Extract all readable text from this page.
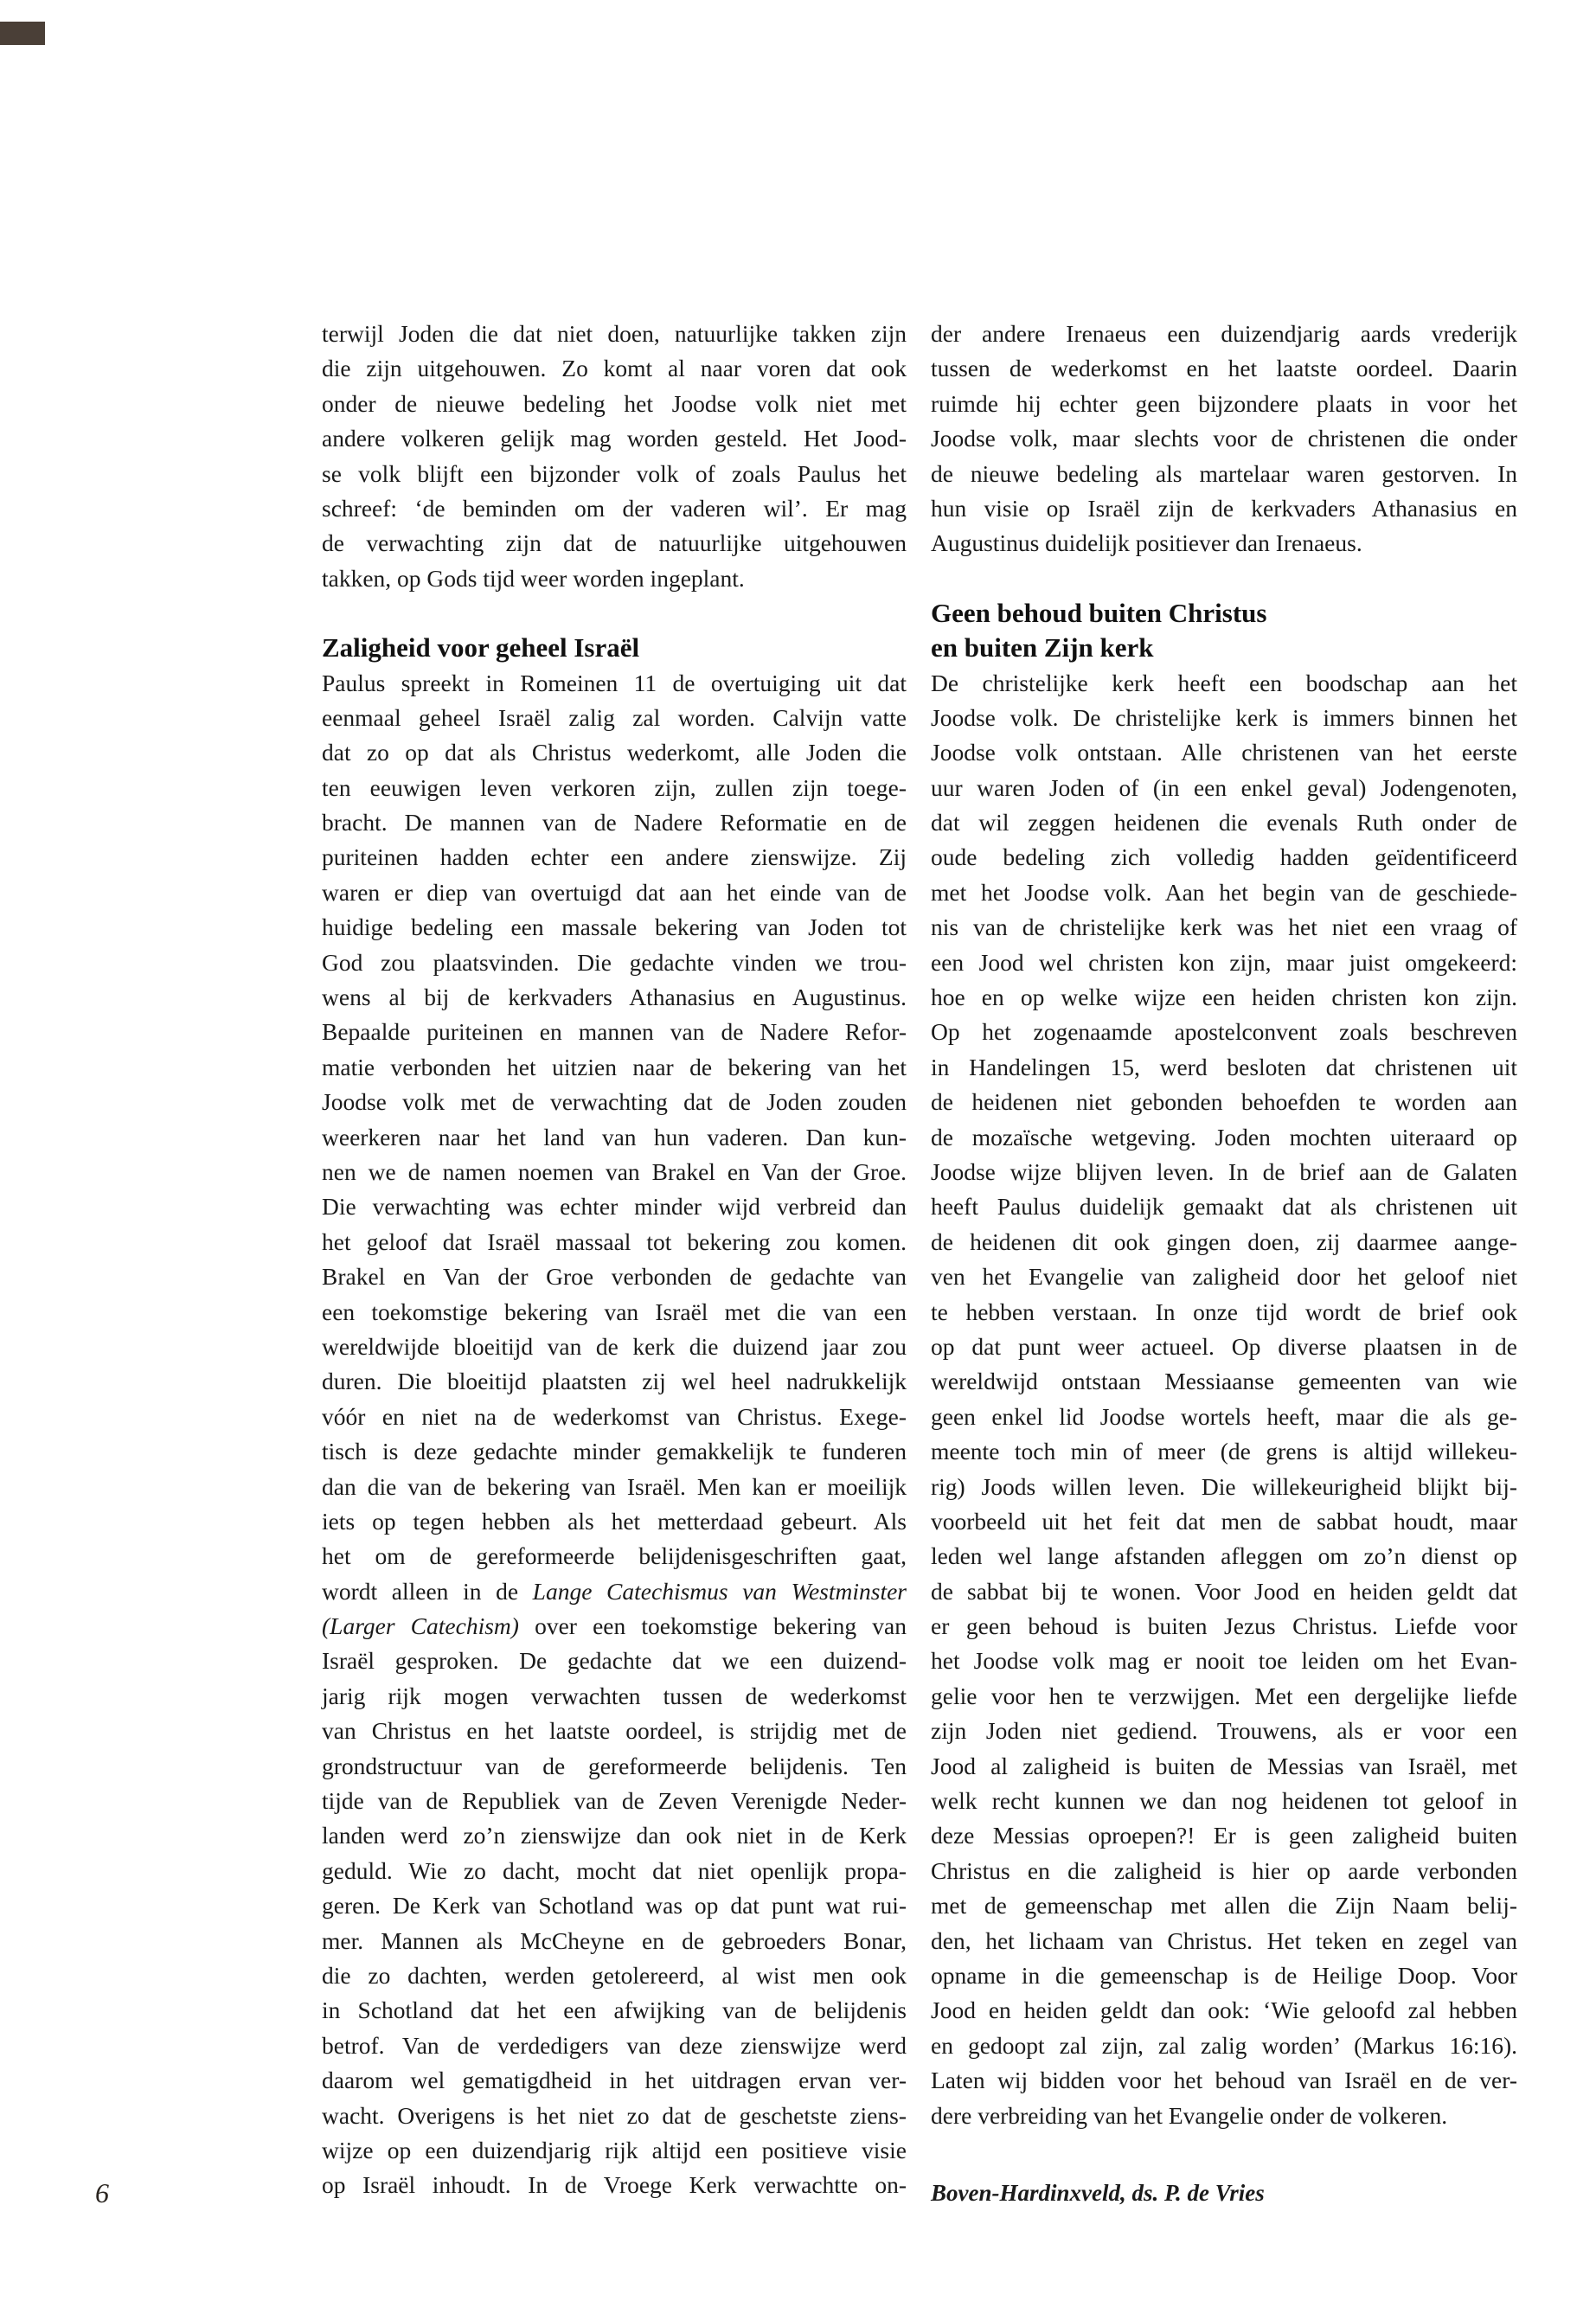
terwijl Joden die dat niet doen, natuurlijke takken zijn
die zijn uitgehouwen. Zo komt al naar voren dat ook
onder de nieuwe bedeling het Joodse volk niet met
andere volkeren gelijk mag worden gesteld. Het Jood-
se volk blijft een bijzonder volk of zoals Paulus het
schreef: ‘de beminden om der vaderen wil’. Er mag
de verwachting zijn dat de natuurlijke uitgehouwen
takken, op Gods tijd weer worden ingeplant.
Zaligheid voor geheel Israël
Paulus spreekt in Romeinen 11 de overtuiging uit dat
eenmaal geheel Israël zalig zal worden. Calvijn vatte
dat zo op dat als Christus wederkomt, alle Joden die
ten eeuwigen leven verkoren zijn, zullen zijn toege-
bracht. De mannen van de Nadere Reformatie en de
puriteinen hadden echter een andere zienswijze. Zij
waren er diep van overtuigd dat aan het einde van de
huidige bedeling een massale bekering van Joden tot
God zou plaatsvinden. Die gedachte vinden we trou-
wens al bij de kerkvaders Athanasius en Augustinus.
Bepaalde puriteinen en mannen van de Nadere Refor-
matie verbonden het uitzien naar de bekering van het
Joodse volk met de verwachting dat de Joden zouden
weerkeren naar het land van hun vaderen. Dan kun-
nen we de namen noemen van Brakel en Van der Groe.
Die verwachting was echter minder wijd verbreid dan
het geloof dat Israël massaal tot bekering zou komen.
Brakel en Van der Groe verbonden de gedachte van
een toekomstige bekering van Israël met die van een
wereldwijde bloeitijd van de kerk die duizend jaar zou
duren. Die bloeitijd plaatsten zij wel heel nadrukkelijk
vóór en niet na de wederkomst van Christus. Exege-
tisch is deze gedachte minder gemakkelijk te funderen
dan die van de bekering van Israël. Men kan er moeilijk
iets op tegen hebben als het metterdaad gebeurt. Als
het om de gereformeerde belijdenisgeschriften gaat,
wordt alleen in de Lange Catechismus van Westminster
(Larger Catechism) over een toekomstige bekering van
Israël gesproken. De gedachte dat we een duizend-
jarig rijk mogen verwachten tussen de wederkomst
van Christus en het laatste oordeel, is strijdig met de
grondstructuur van de gereformeerde belijdenis. Ten
tijde van de Republiek van de Zeven Verenigde Neder-
landen werd zo’n zienswijze dan ook niet in de Kerk
geduld. Wie zo dacht, mocht dat niet openlijk propa-
geren. De Kerk van Schotland was op dat punt wat rui-
mer. Mannen als McCheyne en de gebroeders Bonar,
die zo dachten, werden getolereerd, al wist men ook
in Schotland dat het een afwijking van de belijdenis
betrof. Van de verdedigers van deze zienswijze werd
daarom wel gematigdheid in het uitdragen ervan ver-
wacht. Overigens is het niet zo dat de geschetste ziens-
wijze op een duizendjarig rijk altijd een positieve visie
op Israël inhoudt. In de Vroege Kerk verwachtte on-
der andere Irenaeus een duizendjarig aards vrederijk
tussen de wederkomst en het laatste oordeel. Daarin
ruimde hij echter geen bijzondere plaats in voor het
Joodse volk, maar slechts voor de christenen die onder
de nieuwe bedeling als martelaar waren gestorven. In
hun visie op Israël zijn de kerkvaders Athanasius en
Augustinus duidelijk positiever dan Irenaeus.
Geen behoud buiten Christus
en buiten Zijn kerk
De christelijke kerk heeft een boodschap aan het
Joodse volk. De christelijke kerk is immers binnen het
Joodse volk ontstaan. Alle christenen van het eerste
uur waren Joden of (in een enkel geval) Jodengenoten,
dat wil zeggen heidenen die evenals Ruth onder de
oude bedeling zich volledig hadden geïdentificeerd
met het Joodse volk. Aan het begin van de geschiede-
nis van de christelijke kerk was het niet een vraag of
een Jood wel christen kon zijn, maar juist omgekeerd:
hoe en op welke wijze een heiden christen kon zijn.
Op het zogenaamde apostelconvent zoals beschreven
in Handelingen 15, werd besloten dat christenen uit
de heidenen niet gebonden behoefden te worden aan
de mozaïsche wetgeving. Joden mochten uiteraard op
Joodse wijze blijven leven. In de brief aan de Galaten
heeft Paulus duidelijk gemaakt dat als christenen uit
de heidenen dit ook gingen doen, zij daarmee aange-
ven het Evangelie van zaligheid door het geloof niet
te hebben verstaan. In onze tijd wordt de brief ook
op dat punt weer actueel. Op diverse plaatsen in de
wereldwijd ontstaan Messiaanse gemeenten van wie
geen enkel lid Joodse wortels heeft, maar die als ge-
meente toch min of meer (de grens is altijd willekeu-
rig) Joods willen leven. Die willekeurigheid blijkt bij-
voorbeeld uit het feit dat men de sabbat houdt, maar
leden wel lange afstanden afleggen om zo’n dienst op
de sabbat bij te wonen. Voor Jood en heiden geldt dat
er geen behoud is buiten Jezus Christus. Liefde voor
het Joodse volk mag er nooit toe leiden om het Evan-
gelie voor hen te verzwijgen. Met een dergelijke liefde
zijn Joden niet gediend. Trouwens, als er voor een
Jood al zaligheid is buiten de Messias van Israël, met
welk recht kunnen we dan nog heidenen tot geloof in
deze Messias oproepen?! Er is geen zaligheid buiten
Christus en die zaligheid is hier op aarde verbonden
met de gemeenschap met allen die Zijn Naam belij-
den, het lichaam van Christus. Het teken en zegel van
opname in die gemeenschap is de Heilige Doop. Voor
Jood en heiden geldt dan ook: ‘Wie geloofd zal hebben
en gedoopt zal zijn, zal zalig worden’ (Markus 16:16).
Laten wij bidden voor het behoud van Israël en de ver-
dere verbreiding van het Evangelie onder de volkeren.
Boven-Hardinxveld, ds. P. de Vries
6
